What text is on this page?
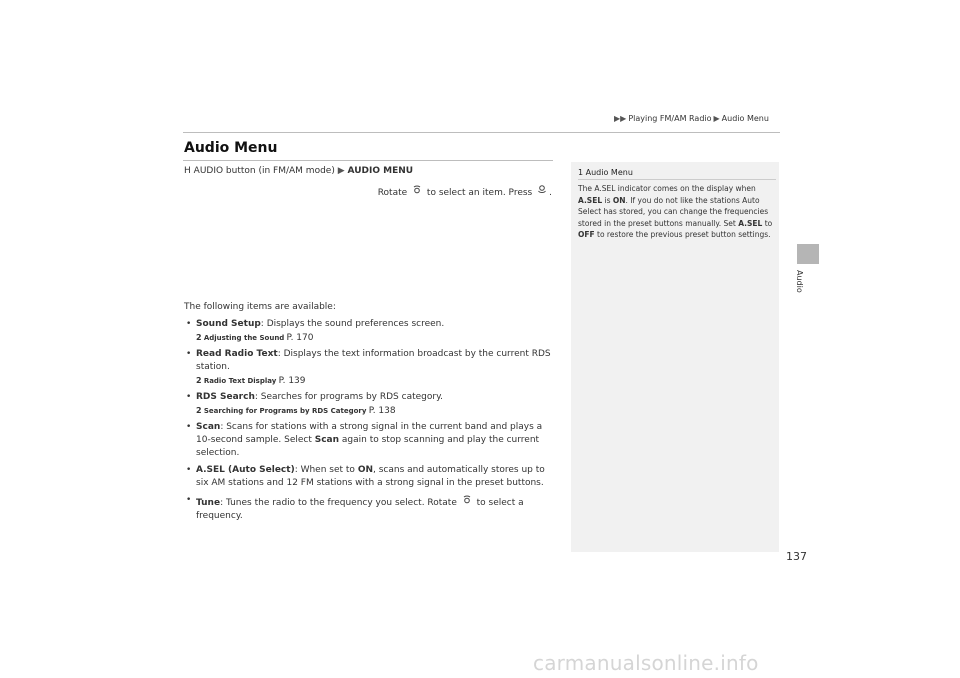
▶▶ Playing FM/AM Radio ▶ Audio Menu
Audio Menu
H AUDIO button (in FM/AM mode) ▶ AUDIO MENU
Rotate to select an item. Press .
The following items are available:
• Sound Setup: Displays the sound preferences screen.
2 Adjusting the Sound P. 170
• Read Radio Text: Displays the text information broadcast by the current RDS station.
2 Radio Text Display P. 139
• RDS Search: Searches for programs by RDS category.
2 Searching for Programs by RDS Category P. 138
• Scan: Scans for stations with a strong signal in the current band and plays a 10-second sample. Select Scan again to stop scanning and play the current selection.
• A.SEL (Auto Select): When set to ON, scans and automatically stores up to six AM stations and 12 FM stations with a strong signal in the preset buttons.
• Tune: Tunes the radio to the frequency you select. Rotate  to select a frequency.
1 Audio Menu
The A.SEL indicator comes on the display when A.SEL is ON. If you do not like the stations Auto Select has stored, you can change the frequencies stored in the preset buttons manually. Set A.SEL to OFF to restore the previous preset button settings.
Audio
137
carmanualsonline.info
